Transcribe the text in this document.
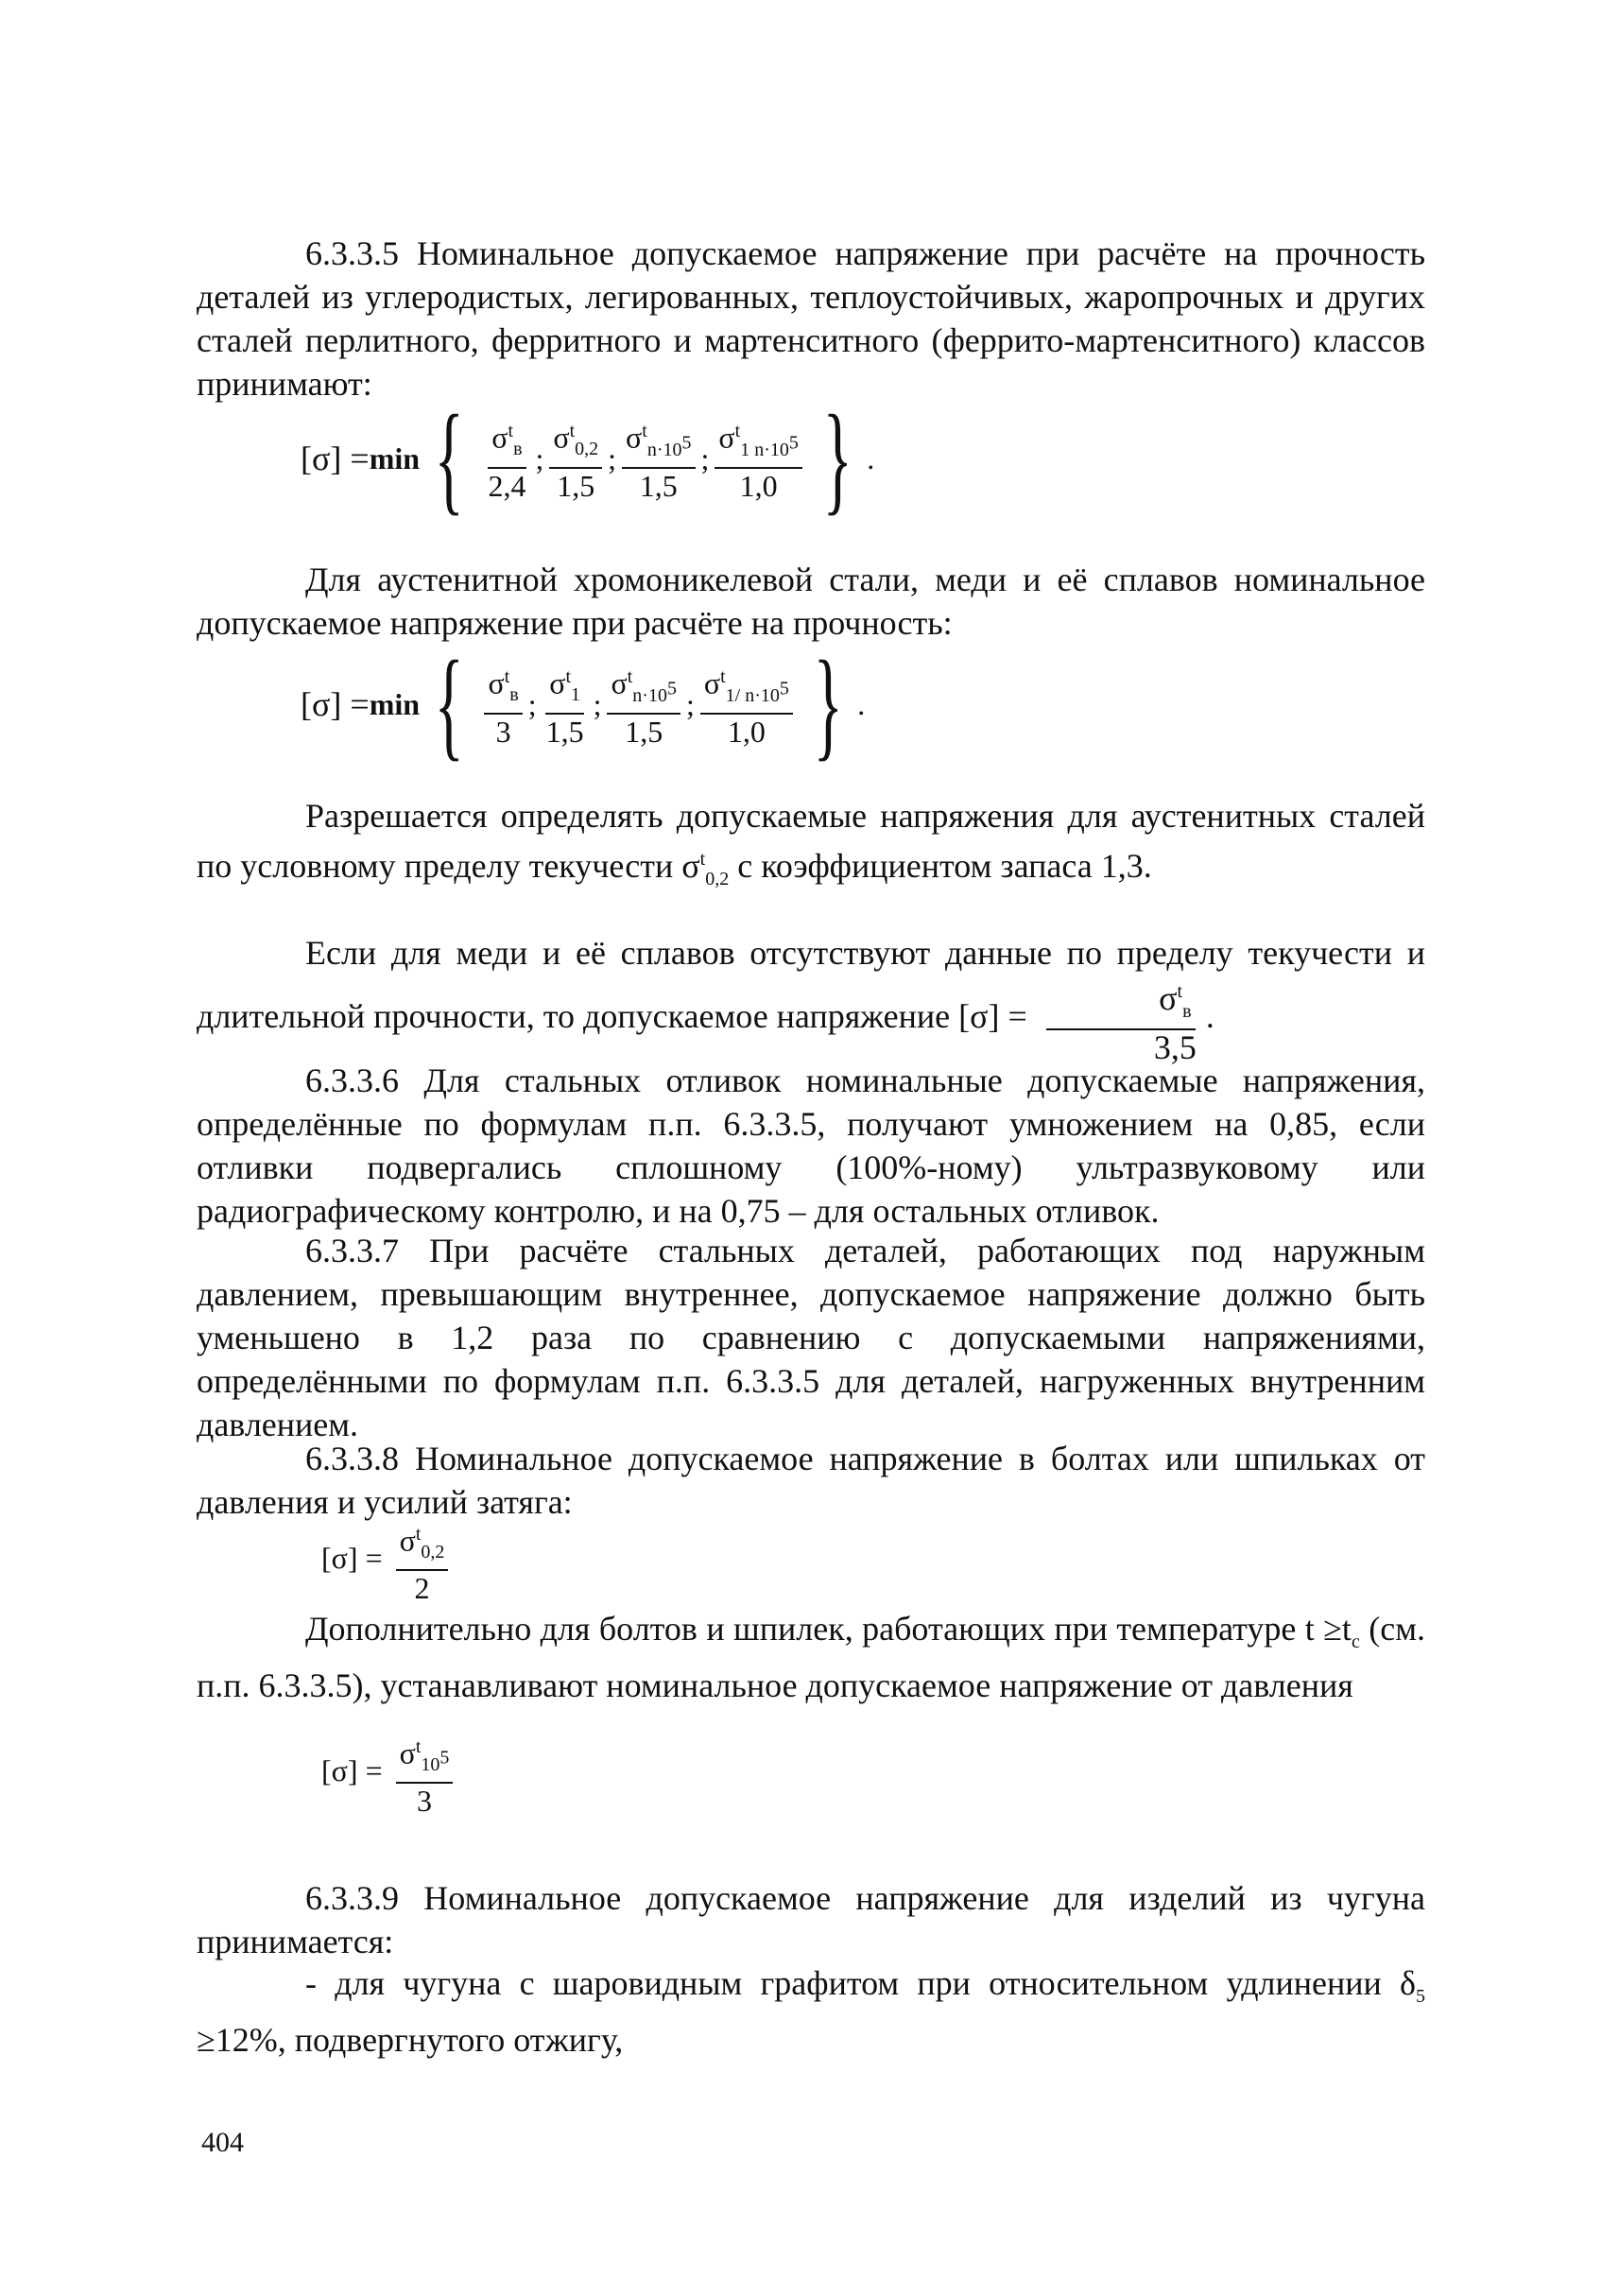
6.3.3.5 Номинальное допускаемое напряжение при расчёте на прочность деталей из углеродистых, легированных, теплоустойчивых, жаропрочных и других сталей перлитного, ферритного и мартенситного (феррито-мартенситного) классов принимают:

[σ] = min { $\frac{\sigma^t_в}{2,4}$ ; $\frac{\sigma^t_{0,2}}{1,5}$ ; $\frac{\sigma^t_{n\cdot 105}}{1,5}$ ; $\frac{\sigma^t_{1 n\cdot 105}}{1,0}$ } .

Для аустенитной хромоникелевой стали, меди и её сплавов номинальное допускаемое напряжение при расчёте на прочность:

[σ] = min { $\frac{\sigma^t_в}{3}$ ; $\frac{\sigma^t_1}{1,5}$ ; $\frac{\sigma^t_{n\cdot 105}}{1,5}$ ; $\frac{\sigma^t_{1/ n\cdot 105}}{1,0}$ } .

Разрешается определять допускаемые напряжения для аустенитных сталей по условному пределу текучести $\sigma^t_{0,2}$ с коэффициентом запаса 1,3.

Если для меди и её сплавов отсутствуют данные по пределу текучести и длительной прочности, то допускаемое напряжение $[\sigma] = \frac{\sigma^t_в}{3,5}$ .

6.3.3.6 Для стальных отливок номинальные допускаемые напряжения, определённые по формулам п.п. 6.3.3.5, получают умножением на 0,85, если отливки подвергались сплошному (100%-ному) ультразвуковому или радиографическому контролю, и на 0,75 – для остальных отливок.

6.3.3.7 При расчёте стальных деталей, работающих под наружным давлением, превышающим внутреннее, допускаемое напряжение должно быть уменьшено в 1,2 раза по сравнению с допускаемыми напряжениями, определёнными по формулам п.п. 6.3.3.5 для деталей, нагруженных внутренним давлением.

6.3.3.8 Номинальное допускаемое напряжение в болтах или шпильках от давления и усилий затяга:

$[\sigma] = \frac{\sigma^t_{0,2}}{2}$

Дополнительно для болтов и шпилек, работающих при температуре $t \ge t_c$ (см. п.п. 6.3.3.5), устанавливают номинальное допускаемое напряжение от давления

$[\sigma] = \frac{\sigma^t_{105}}{3}$

6.3.3.9 Номинальное допускаемое напряжение для изделий из чугуна принимается:

- для чугуна с шаровидным графитом при относительном удлинении $\delta_5 \ge 12\%$, подвергнутого отжигу,

404
